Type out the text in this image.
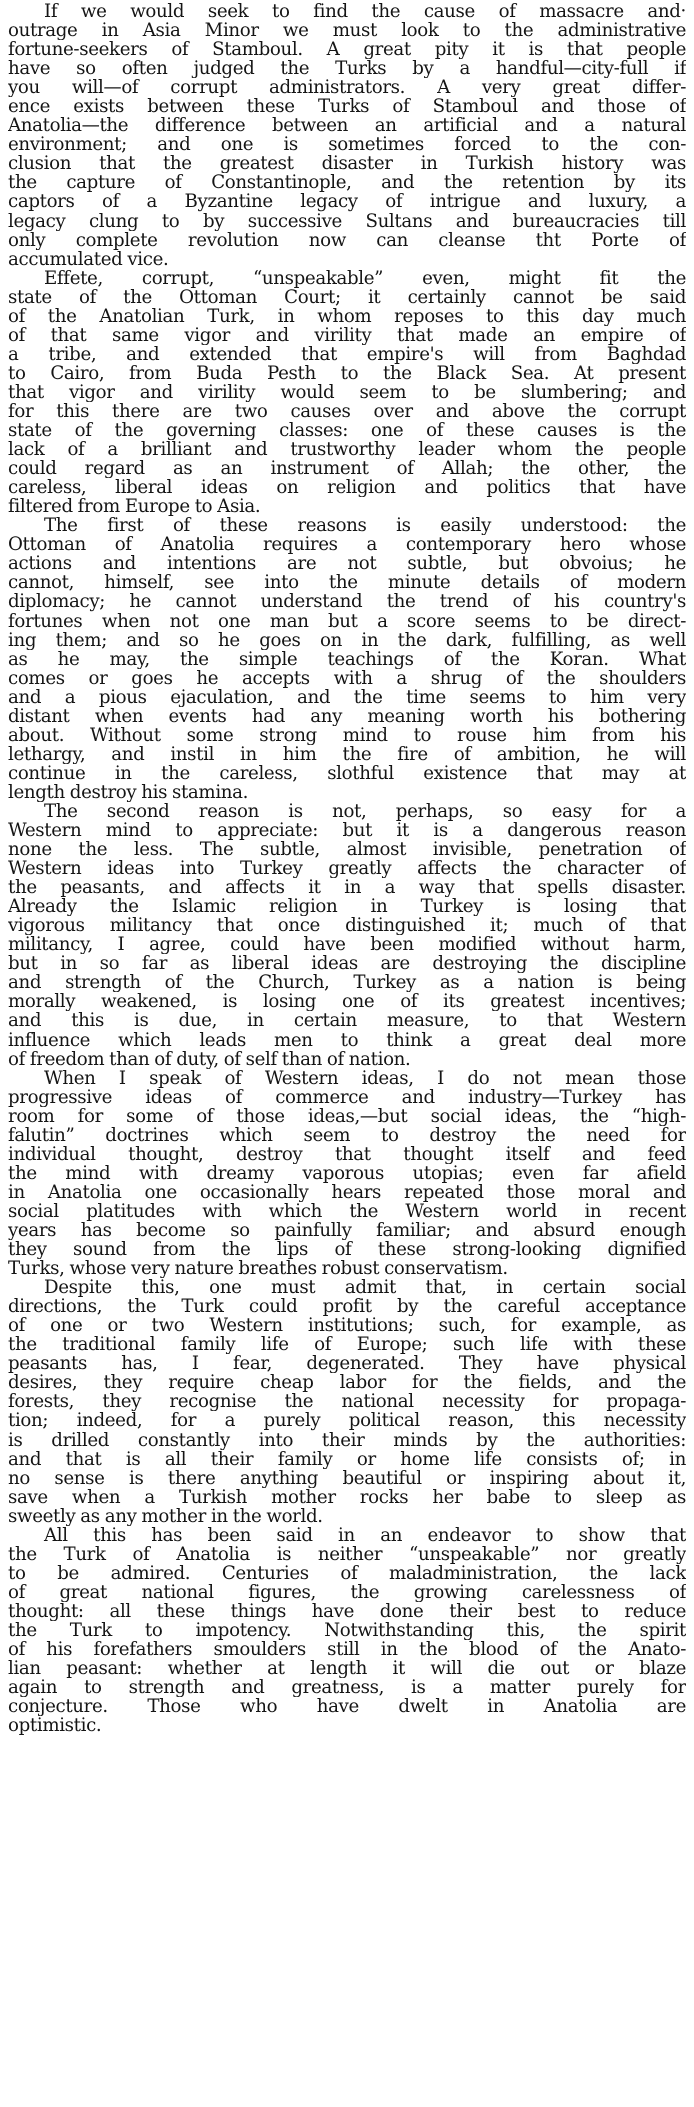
If we would seek to find the cause of massacre and·
outrage in Asia Minor we must look to the administrative
fortune-seekers of Stamboul. A great pity it is that people
have so often judged the Turks by a handful—city-full if
you will—of corrupt administrators. A very great differ-
ence exists between these Turks of Stamboul and those of
Anatolia—the difference between an artificial and a natural
environment; and one is sometimes forced to the con-
clusion that the greatest disaster in Turkish history was
the capture of Constantinople, and the retention by its
captors of a Byzantine legacy of intrigue and luxury, a
legacy clung to by successive Sultans and bureaucracies till
only complete revolution now can cleanse tht Porte of
accumulated vice.
Effete, corrupt, “unspeakable” even, might fit the
state of the Ottoman Court; it certainly cannot be said
of the Anatolian Turk, in whom reposes to this day much
of that same vigor and virility that made an empire of
a tribe, and extended that empire's will from Baghdad
to Cairo, from Buda Pesth to the Black Sea. At present
that vigor and virility would seem to be slumbering; and
for this there are two causes over and above the corrupt
state of the governing classes: one of these causes is the
lack of a brilliant and trustworthy leader whom the people
could regard as an instrument of Allah; the other, the
careless, liberal ideas on religion and politics that have
filtered from Europe to Asia.
The first of these reasons is easily understood: the
Ottoman of Anatolia requires a contemporary hero whose
actions and intentions are not subtle, but obvoius; he
cannot, himself, see into the minute details of modern
diplomacy; he cannot understand the trend of his country's
fortunes when not one man but a score seems to be direct-
ing them; and so he goes on in the dark, fulfilling, as well
as he may, the simple teachings of the Koran. What
comes or goes he accepts with a shrug of the shoulders
and a pious ejaculation, and the time seems to him very
distant when events had any meaning worth his bothering
about. Without some strong mind to rouse him from his
lethargy, and instil in him the fire of ambition, he will
continue in the careless, slothful existence that may at
length destroy his stamina.
The second reason is not, perhaps, so easy for a
Western mind to appreciate: but it is a dangerous reason
none the less. The subtle, almost invisible, penetration of
Western ideas into Turkey greatly affects the character of
the peasants, and affects it in a way that spells disaster.
Already the Islamic religion in Turkey is losing that
vigorous militancy that once distinguished it; much of that
militancy, I agree, could have been modified without harm,
but in so far as liberal ideas are destroying the discipline
and strength of the Church, Turkey as a nation is being
morally weakened, is losing one of its greatest incentives;
and this is due, in certain measure, to that Western
influence which leads men to think a great deal more
of freedom than of duty, of self than of nation.
When I speak of Western ideas, I do not mean those
progressive ideas of commerce and industry—Turkey has
room for some of those ideas,—but social ideas, the “high-
falutin” doctrines which seem to destroy the need for
individual thought, destroy that thought itself and feed
the mind with dreamy vaporous utopias; even far afield
in Anatolia one occasionally hears repeated those moral and
social platitudes with which the Western world in recent
years has become so painfully familiar; and absurd enough
they sound from the lips of these strong-looking dignified
Turks, whose very nature breathes robust conservatism.
Despite this, one must admit that, in certain social
directions, the Turk could profit by the careful acceptance
of one or two Western institutions; such, for example, as
the traditional family life of Europe; such life with these
peasants has, I fear, degenerated. They have physical
desires, they require cheap labor for the fields, and the
forests, they recognise the national necessity for propaga-
tion; indeed, for a purely political reason, this necessity
is drilled constantly into their minds by the authorities:
and that is all their family or home life consists of; in
no sense is there anything beautiful or inspiring about it,
save when a Turkish mother rocks her babe to sleep as
sweetly as any mother in the world.
All this has been said in an endeavor to show that
the Turk of Anatolia is neither “unspeakable” nor greatly
to be admired. Centuries of maladministration, the lack
of great national figures, the growing carelessness of
thought: all these things have done their best to reduce
the Turk to impotency. Notwithstanding this, the spirit
of his forefathers smoulders still in the blood of the Anato-
lian peasant: whether at length it will die out or blaze
again to strength and greatness, is a matter purely for
conjecture. Those who have dwelt in Anatolia are
optimistic.
